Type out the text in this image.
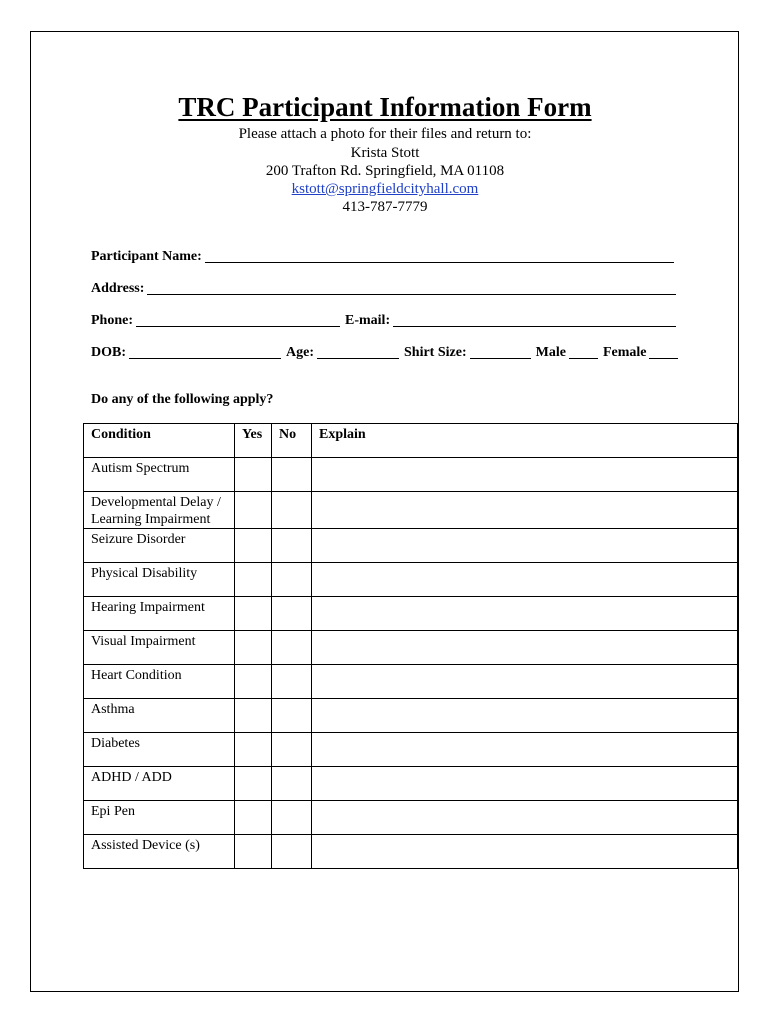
TRC Participant Information Form
Please attach a photo for their files and return to:
Krista Stott
200 Trafton Rd. Springfield, MA 01108
kstott@springfieldcityhall.com
413-787-7779
Participant Name:
Address:
Phone:	E-mail:
DOB:	Age:	Shirt Size:	Male	Female
Do any of the following apply?
Condition	Yes	No	Explain
Autism Spectrum			
Developmental Delay / Learning Impairment			
Seizure Disorder			
Physical Disability			
Hearing Impairment			
Visual Impairment			
Heart Condition			
Asthma			
Diabetes			
ADHD / ADD			
Epi Pen			
Assisted Device (s)			
